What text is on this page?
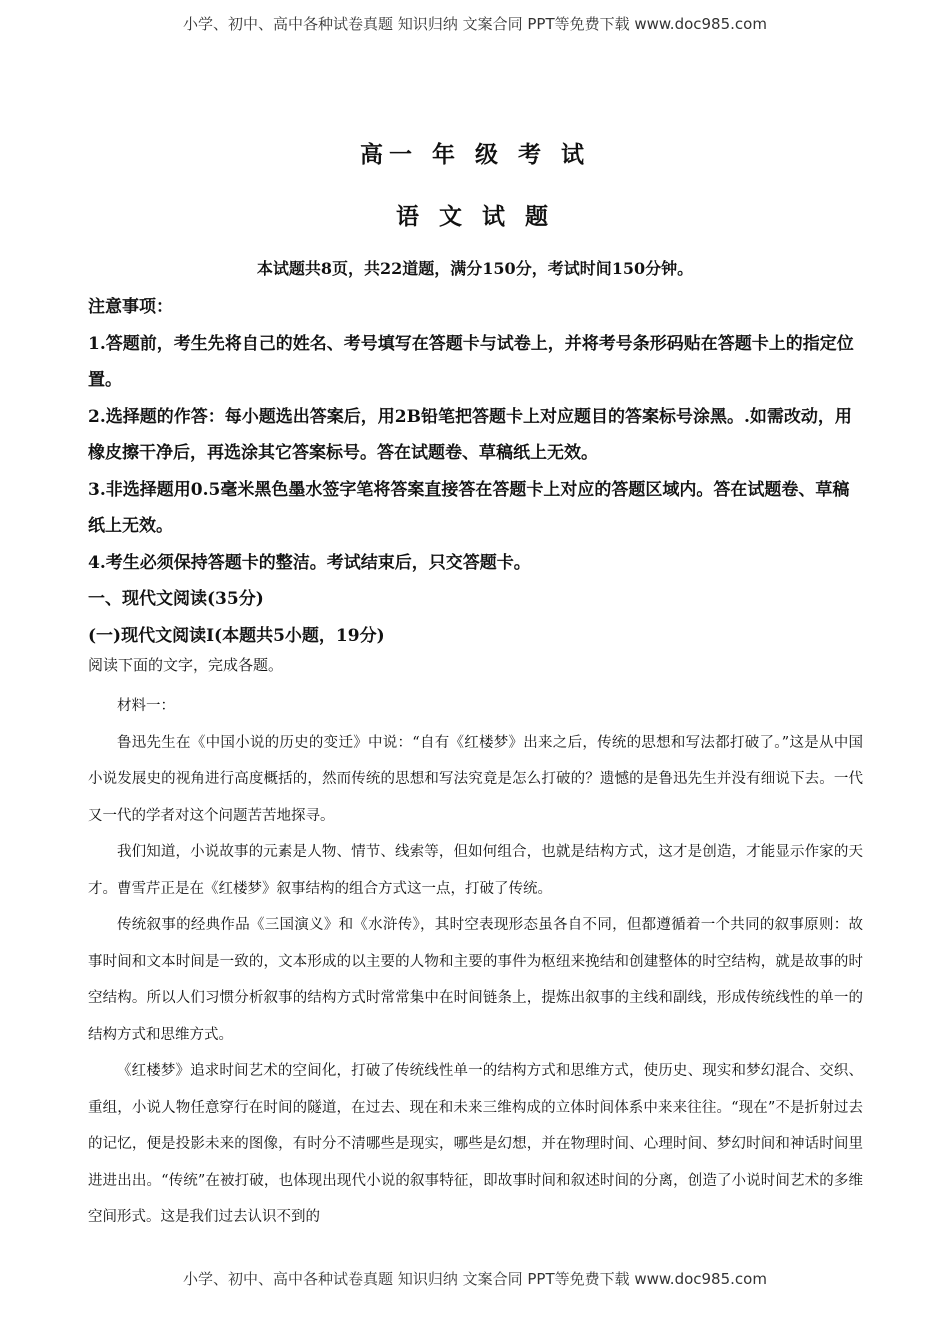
小学、初中、高中各种试卷真题 知识归纳 文案合同 PPT等免费下载 www.doc985.com
高一 年 级 考 试
语 文 试 题
本试题共8页，共22道题，满分150分，考试时间150分钟。

注意事项：

1.答题前，考生先将自己的姓名、考号填写在答题卡与试卷上，并将考号条形码贴在答题卡上的指定位置。

2.选择题的作答：每小题选出答案后，用2B铅笔把答题卡上对应题目的答案标号涂黑。.如需改动，用橡皮擦干净后，再选涂其它答案标号。答在试题卷、草稿纸上无效。

3.非选择题用0.5毫米黑色墨水签字笔将答案直接答在答题卡上对应的答题区域内。答在试题卷、草稿纸上无效。

4.考生必须保持答题卡的整洁。考试结束后，只交答题卡。

一、现代文阅读(35分)

(一)现代文阅读Ⅰ(本题共5小题，19分)

阅读下面的文字，完成各题。

材料一：

鲁迅先生在《中国小说的历史的变迁》中说：“自有《红楼梦》出来之后，传统的思想和写法都打破了。”这是从中国小说发展史的视角进行高度概括的，然而传统的思想和写法究竟是怎么打破的？遗憾的是鲁迅先生并没有细说下去。一代又一代的学者对这个问题苦苦地探寻。

我们知道，小说故事的元素是人物、情节、线索等，但如何组合，也就是结构方式，这才是创造，才能显示作家的天才。曹雪芹正是在《红楼梦》叙事结构的组合方式这一点，打破了传统。

传统叙事的经典作品《三国演义》和《水浒传》，其时空表现形态虽各自不同，但都遵循着一个共同的叙事原则：故事时间和文本时间是一致的，文本形成的以主要的人物和主要的事件为枢纽来挽结和创建整体的时空结构，就是故事的时空结构。所以人们习惯分析叙事的结构方式时常常集中在时间链条上，提炼出叙事的主线和副线，形成传统线性的单一的结构方式和思维方式。

《红楼梦》追求时间艺术的空间化，打破了传统线性单一的结构方式和思维方式，使历史、现实和梦幻混合、交织、重组，小说人物任意穿行在时间的隧道，在过去、现在和未来三维构成的立体时间体系中来来往往。“现在”不是折射过去的记忆，便是投影未来的图像，有时分不清哪些是现实，哪些是幻想，并在物理时间、心理时间、梦幻时间和神话时间里进进出出。“传统”在被打破，也体现出现代小说的叙事特征，即故事时间和叙述时间的分离，创造了小说时间艺术的多维空间形式。这是我们过去认识不到的

小学、初中、高中各种试卷真题 知识归纳 文案合同 PPT等免费下载 www.doc985.com
